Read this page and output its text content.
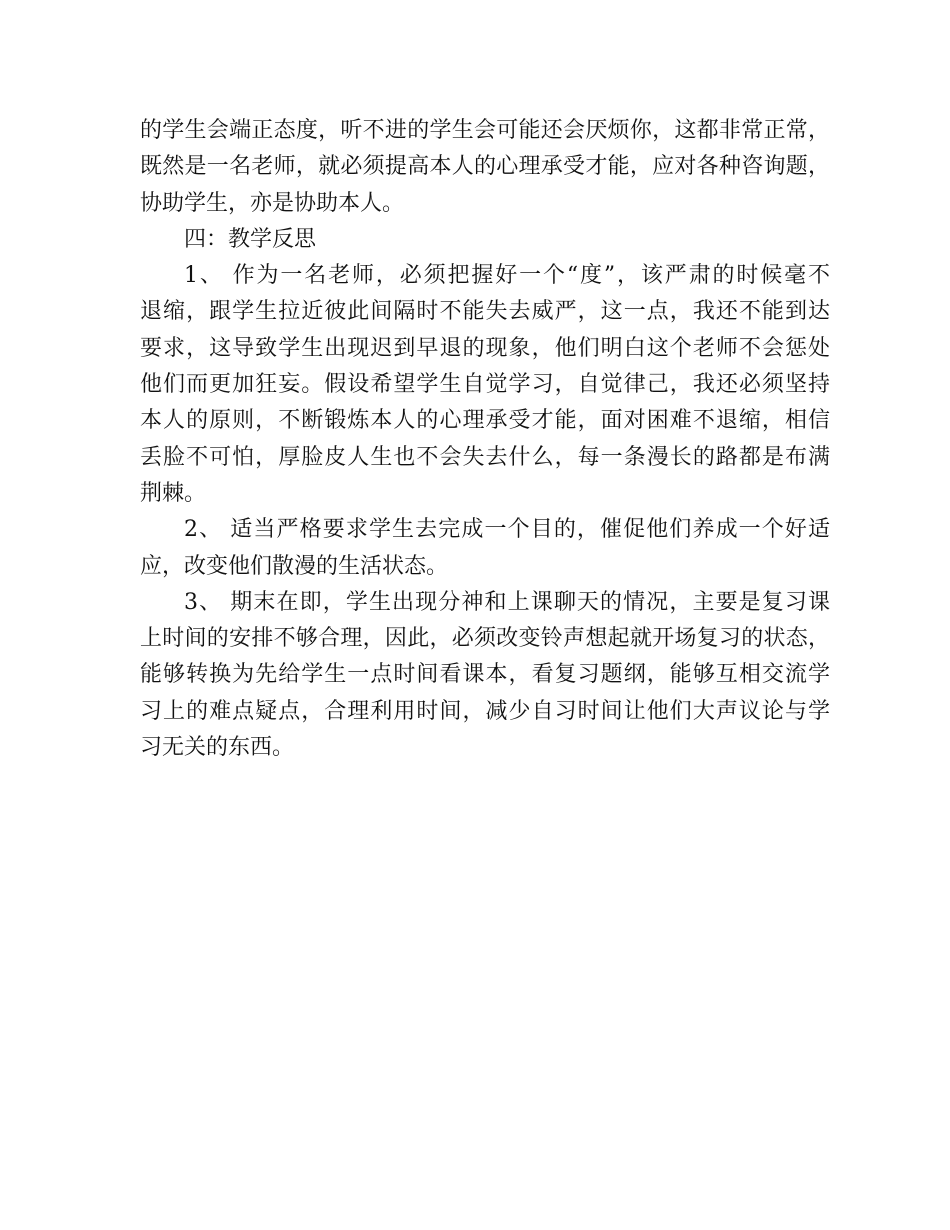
的学生会端正态度，听不进的学生会可能还会厌烦你，这都非常正常，
既然是一名老师，就必须提高本人的心理承受才能，应对各种咨询题，
协助学生，亦是协助本人。
四：教学反思
1、 作为一名老师，必须把握好一个“度”，该严肃的时候毫不
退缩，跟学生拉近彼此间隔时不能失去威严，这一点，我还不能到达
要求，这导致学生出现迟到早退的现象，他们明白这个老师不会惩处
他们而更加狂妄。假设希望学生自觉学习，自觉律己，我还必须坚持
本人的原则，不断锻炼本人的心理承受才能，面对困难不退缩，相信
丢脸不可怕，厚脸皮人生也不会失去什么，每一条漫长的路都是布满
荆棘。
2、 适当严格要求学生去完成一个目的，催促他们养成一个好适
应，改变他们散漫的生活状态。
3、 期末在即，学生出现分神和上课聊天的情况，主要是复习课
上时间的安排不够合理，因此，必须改变铃声想起就开场复习的状态，
能够转换为先给学生一点时间看课本，看复习题纲，能够互相交流学
习上的难点疑点，合理利用时间，减少自习时间让他们大声议论与学
习无关的东西。
